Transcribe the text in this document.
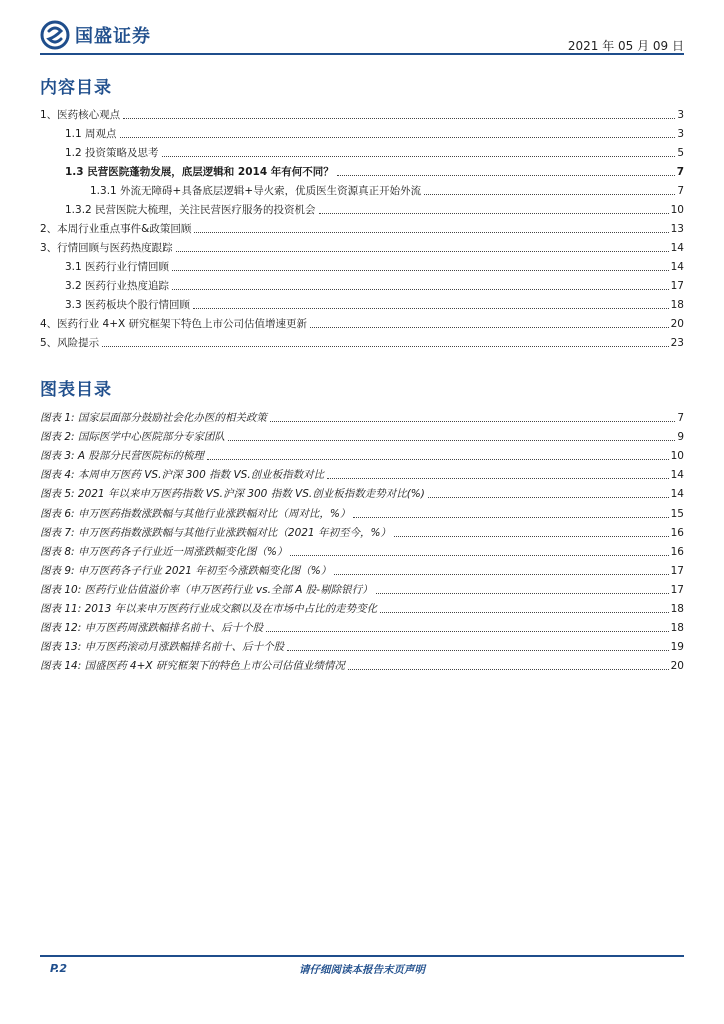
国盛证券	2021 年 05 月 09 日
内容目录
1、医药核心观点	3
1.1 周观点	3
1.2 投资策略及思考	5
1.3 民营医院蓬勃发展，底层逻辑和 2014 年有何不同？	7
1.3.1 外流无障碍+具备底层逻辑+导火索，优质医生资源真正开始外流	7
1.3.2 民营医院大梳理，关注民营医疗服务的投资机会	10
2、本周行业重点事件&政策回顾	13
3、行情回顾与医药热度跟踪	14
3.1 医药行业行情回顾	14
3.2 医药行业热度追踪	17
3.3 医药板块个股行情回顾	18
4、医药行业 4+X 研究框架下特色上市公司估值增速更新	20
5、风险提示	23
图表目录
图表 1: 国家层面部分鼓励社会化办医的相关政策	7
图表 2: 国际医学中心医院部分专家团队	9
图表 3: A 股部分民营医院标的梳理	10
图表 4: 本周申万医药 VS.沪深 300 指数 VS.创业板指数对比	14
图表 5: 2021 年以来申万医药指数 VS.沪深 300 指数 VS.创业板指数走势对比(%)	14
图表 6: 申万医药指数涨跌幅与其他行业涨跌幅对比（周对比，%）	15
图表 7: 申万医药指数涨跌幅与其他行业涨跌幅对比（2021 年初至今，%）	16
图表 8: 申万医药各子行业近一周涨跌幅变化图（%）	16
图表 9: 申万医药各子行业 2021 年初至今涨跌幅变化图（%）	17
图表 10: 医药行业估值溢价率（申万医药行业 vs.全部 A 股-剔除银行）	17
图表 11: 2013 年以来申万医药行业成交额以及在市场中占比的走势变化	18
图表 12: 申万医药周涨跌幅排名前十、后十个股	18
图表 13: 申万医药滚动月涨跌幅排名前十、后十个股	19
图表 14: 国盛医药 4+X 研究框架下的特色上市公司估值业绩情况	20
P.2	请仔细阅读本报告末页声明
